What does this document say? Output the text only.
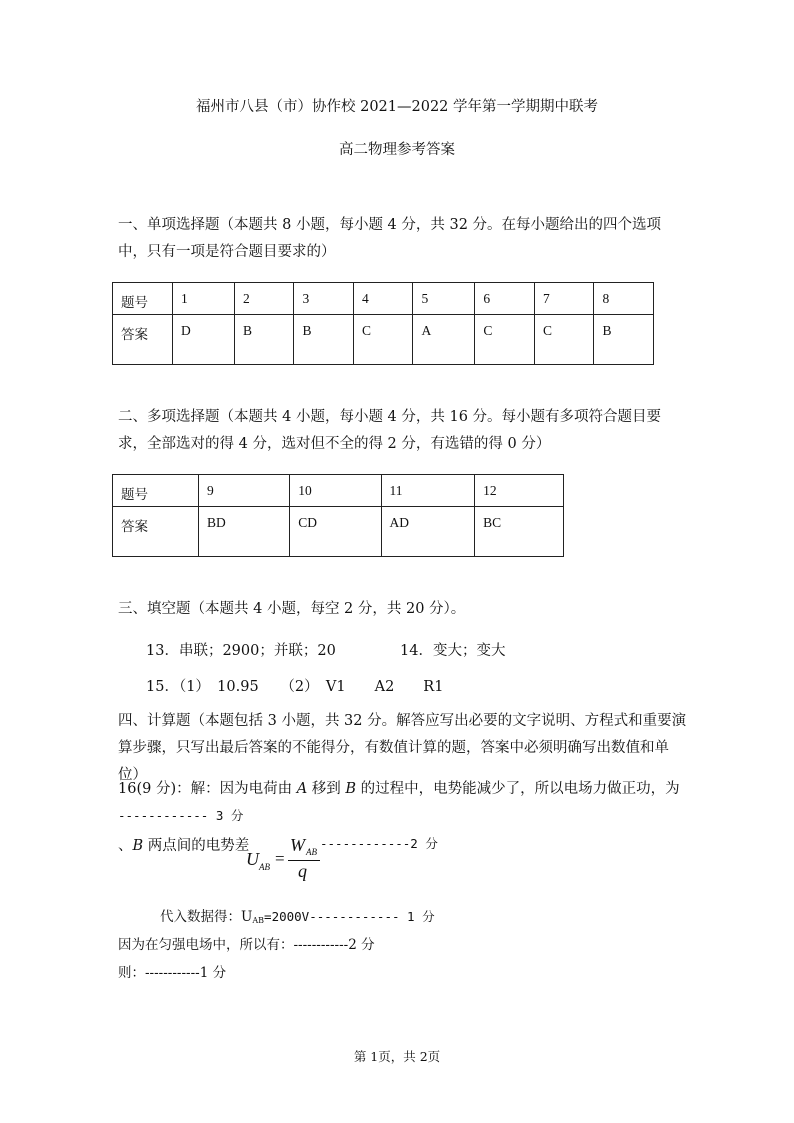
福州市八县（市）协作校 2021—2022 学年第一学期期中联考
高二物理参考答案
一、单项选择题（本题共 8 小题，每小题 4 分，共 32 分。在每小题给出的四个选项中，只有一项是符合题目要求的）
题号	1	2	3	4	5	6	7	8
答案	D	B	B	C	A	C	C	B
二、多项选择题（本题共 4 小题，每小题 4 分，共 16 分。每小题有多项符合题目要求，全部选对的得 4 分，选对但不全的得 2 分，有选错的得 0 分）
题号	9	10	11	12
答案	BD	CD	AD	BC
三、填空题（本题共 4 小题，每空 2 分，共 20 分）。
13．串联；2900；并联；20	14．变大；变大
15．（1）　10.95　　（2）　V1　　A2　　R1
四、计算题（本题包括 3 小题，共 32 分。解答应写出必要的文字说明、方程式和重要演算步骤，只写出最后答案的不能得分，有数值计算的题，答案中必须明确写出数值和单位）
16(9 分)：解：因为电荷由 A 移到 B 的过程中，电势能减少了，所以电场力做正功，为
------------ 3 分
、B 两点间的电势差
U AB =
W AB
q
------------2 分
代入数据得：UAB=2000V------------ 1 分
因为在匀强电场中，所以有：------------2 分
则：------------1 分
第 1页，共 2页
